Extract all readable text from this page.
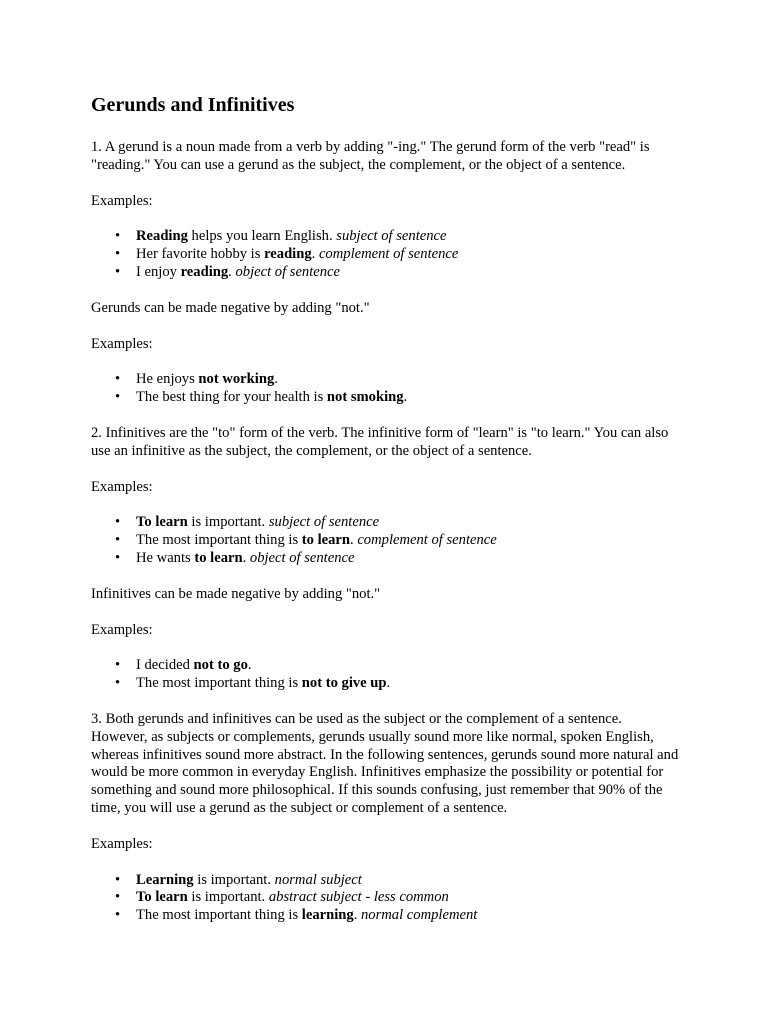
Gerunds and Infinitives

1. A gerund is a noun made from a verb by adding "-ing." The gerund form of the verb "read" is "reading." You can use a gerund as the subject, the complement, or the object of a sentence.

Examples:

• Reading helps you learn English. subject of sentence
• Her favorite hobby is reading. complement of sentence
• I enjoy reading. object of sentence

Gerunds can be made negative by adding "not."

Examples:

• He enjoys not working.
• The best thing for your health is not smoking.

2. Infinitives are the "to" form of the verb. The infinitive form of "learn" is "to learn." You can also use an infinitive as the subject, the complement, or the object of a sentence.

Examples:

• To learn is important. subject of sentence
• The most important thing is to learn. complement of sentence
• He wants to learn. object of sentence

Infinitives can be made negative by adding "not."

Examples:

• I decided not to go.
• The most important thing is not to give up.

3. Both gerunds and infinitives can be used as the subject or the complement of a sentence. However, as subjects or complements, gerunds usually sound more like normal, spoken English, whereas infinitives sound more abstract. In the following sentences, gerunds sound more natural and would be more common in everyday English. Infinitives emphasize the possibility or potential for something and sound more philosophical. If this sounds confusing, just remember that 90% of the time, you will use a gerund as the subject or complement of a sentence.

Examples:

• Learning is important. normal subject
• To learn is important. abstract subject - less common
• The most important thing is learning. normal complement
